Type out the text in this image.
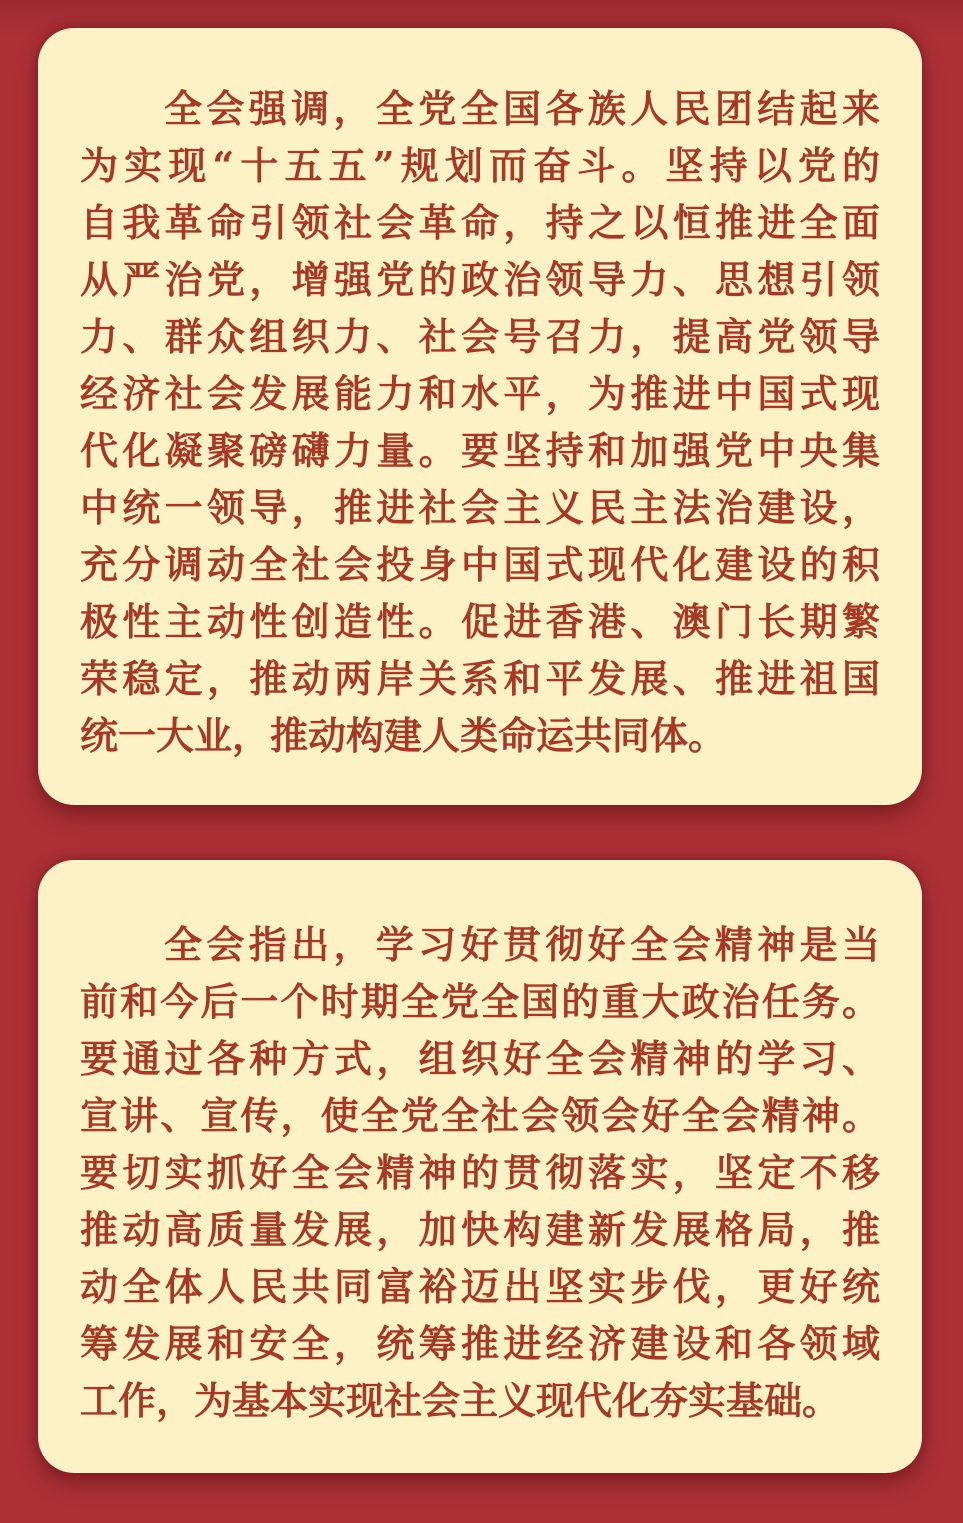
全会强调，全党全国各族人民团结起来
为实现“十五五”规划而奋斗。坚持以党的
自我革命引领社会革命，持之以恒推进全面
从严治党，增强党的政治领导力、思想引领
力、群众组织力、社会号召力，提高党领导
经济社会发展能力和水平，为推进中国式现
代化凝聚磅礴力量。要坚持和加强党中央集
中统一领导，推进社会主义民主法治建设，
充分调动全社会投身中国式现代化建设的积
极性主动性创造性。促进香港、澳门长期繁
荣稳定，推动两岸关系和平发展、推进祖国
统一大业，推动构建人类命运共同体。
全会指出，学习好贯彻好全会精神是当
前和今后一个时期全党全国的重大政治任务。
要通过各种方式，组织好全会精神的学习、
宣讲、宣传，使全党全社会领会好全会精神。
要切实抓好全会精神的贯彻落实，坚定不移
推动高质量发展，加快构建新发展格局，推
动全体人民共同富裕迈出坚实步伐，更好统
筹发展和安全，统筹推进经济建设和各领域
工作，为基本实现社会主义现代化夯实基础。
